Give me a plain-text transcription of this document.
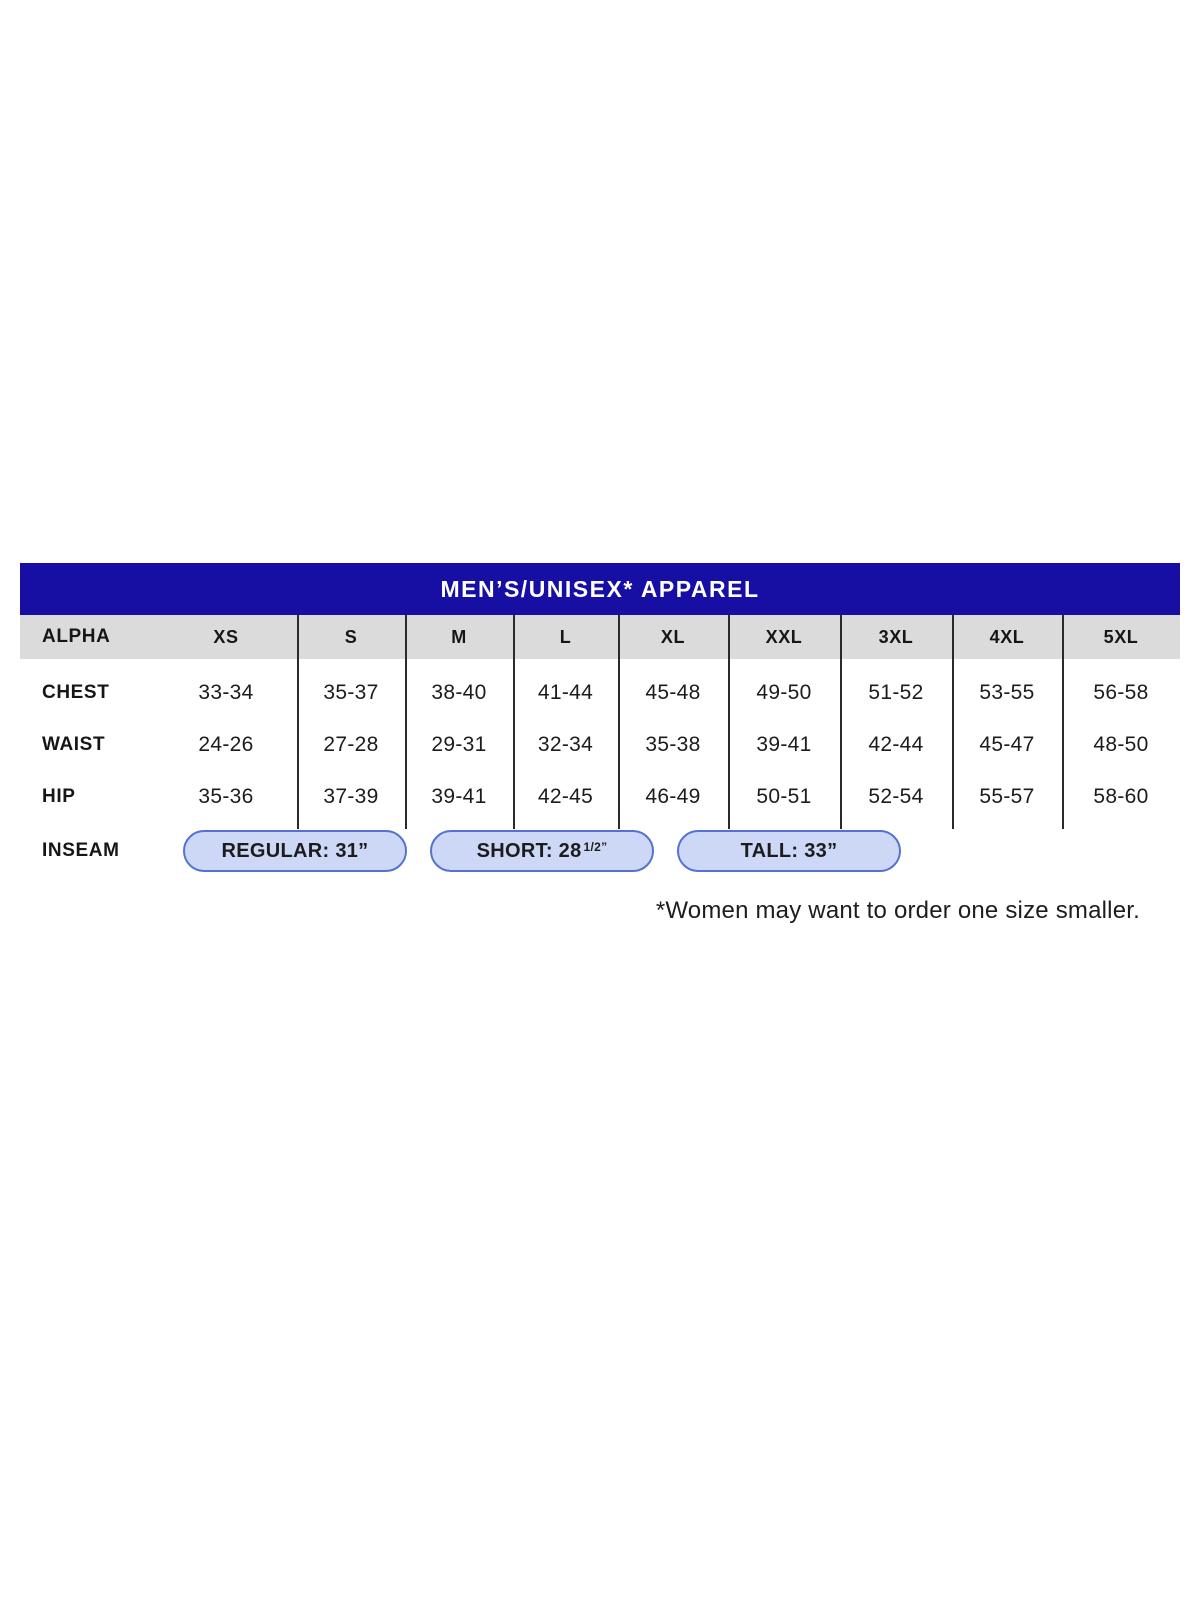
MEN’S/UNISEX* APPAREL
ALPHA	XS	S	M	L	XL	XXL	3XL	4XL	5XL
CHEST	33-34	35-37	38-40	41-44	45-48	49-50	51-52	53-55	56-58
WAIST	24-26	27-28	29-31	32-34	35-38	39-41	42-44	45-47	48-50
HIP	35-36	37-39	39-41	42-45	46-49	50-51	52-54	55-57	58-60
INSEAM	REGULAR: 31”	SHORT: $28^{1/2”}$	TALL: 33”
*Women may want to order one size smaller.
